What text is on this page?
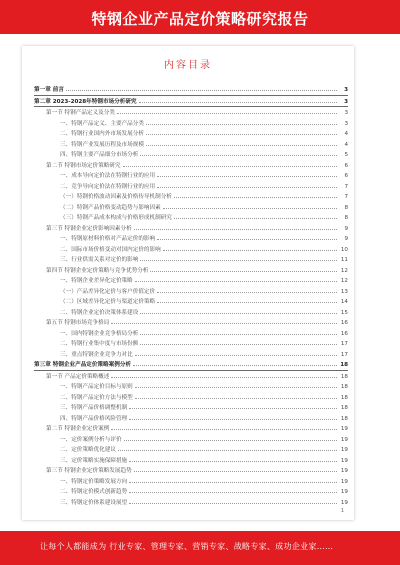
特钢企业产品定价策略研究报告
内容目录
第一章 前言	3
第二章 2023-2028年特钢市场分析研究	3
第一节 特钢产品定义及分类	3
一、特钢产品定义、主要产品分类	3
二、特钢行业国内外市场发展分析	4
三、特钢产业发展历程及市场规模	4
四、特钢主要产品细分市场分析	5
第二节 特钢市场定价策略研究	6
一、成本导向定价法在特钢行业的应用	6
二、竞争导向定价法在特钢行业的应用	7
（一）特钢价格波动因素及价格传导机制分析	7
（二）特钢产品价格变动趋势与影响因素	8
（三）特钢产品成本构成与价格形成机制研究	8
第三节 特钢企业定价影响因素分析	9
一、特钢原材料价格对产品定价的影响	9
二、国际市场价格变动对国内定价的影响	10
三、行业供需关系对定价的影响	11
第四节 特钢企业定价策略与竞争优势分析	12
一、特钢企业差异化定价策略	12
（一）产品差异化定价与客户价值定价	13
（二）区域差异化定价与渠道定价策略	14
二、特钢企业定价决策体系建设	15
第五节 特钢市场竞争格局	16
一、国内特钢企业竞争格局分析	16
二、特钢行业集中度与市场份额	17
三、重点特钢企业竞争力对比	17
第三章 特钢企业产品定价策略案例分析	18
第一节 产品定价策略概述	18
一、特钢产品定价目标与原则	18
二、特钢产品定价方法与模型	18
三、特钢产品价格调整机制	18
四、特钢产品价格风险管理	18
第二节 特钢企业定价案例	19
一、定价案例分析与评价	19
二、定价策略优化建议	19
三、定价策略实施保障措施	19
第三节 特钢企业定价策略发展趋势	19
一、特钢定价策略发展方向	19
二、特钢定价模式创新趋势	19
三、特钢定价体系建设展望	19
1
让每个人都能成为 行业专家、管理专家、营销专家、战略专家、成功企业家……
